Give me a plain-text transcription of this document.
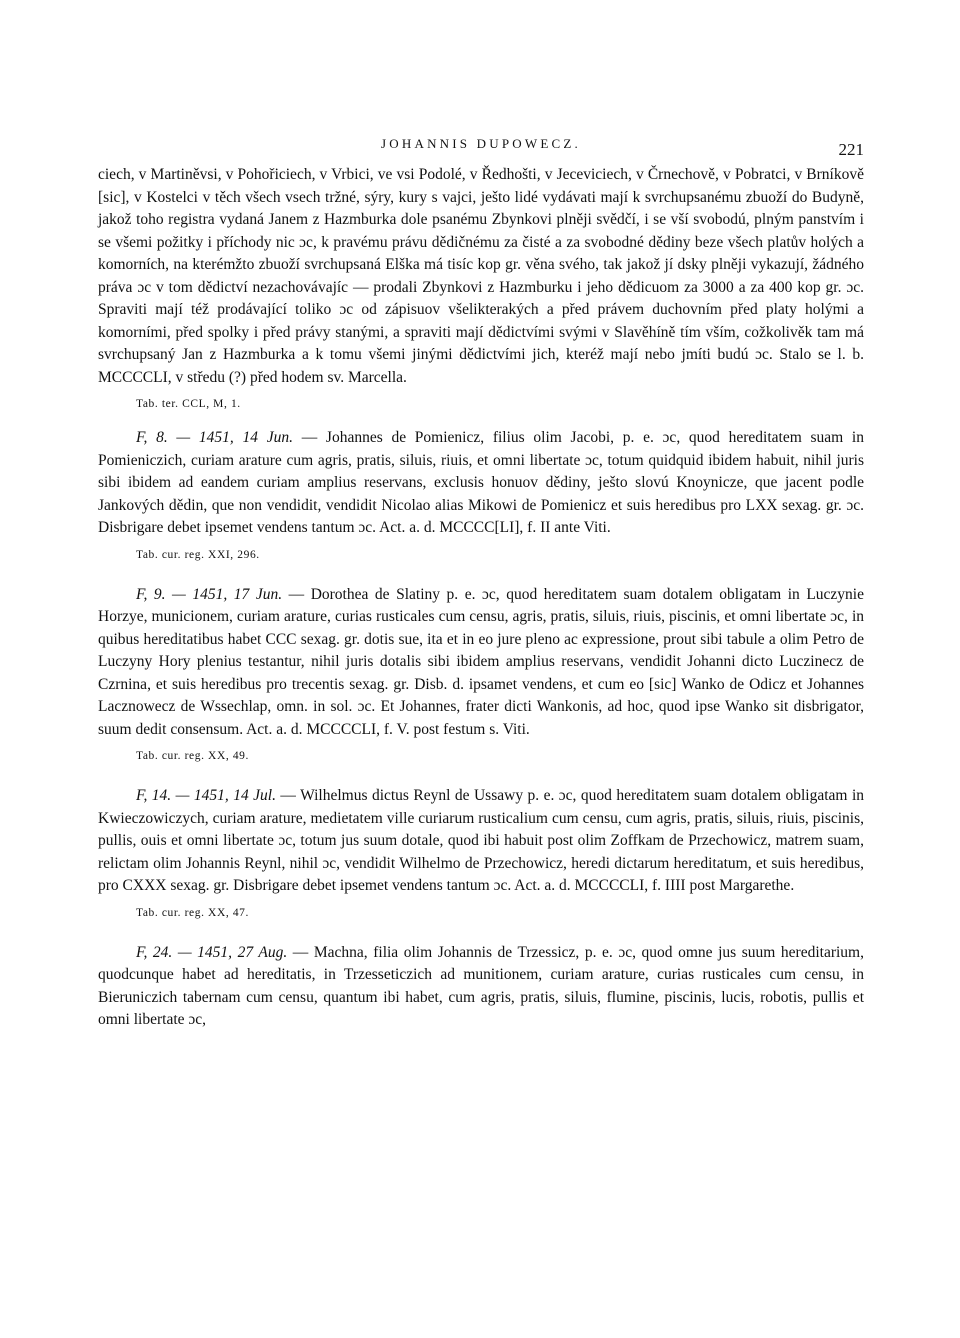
JOHANNIS DUPOWECZ.	221

ciech, v Martiněvsi, v Pohořiciech, v Vrbici, ve vsi Podolé, v Ředhošti, v Jeceviciech, v Črnechově, v Pobratci, v Brníkově [sic], v Kostelci v těch všech vsech tržné, sýry, kury s vajci, ješto lidé vydávati mají k svrchupsanému zbuoží do Budyně, jakož toho registra vydaná Janem z Hazmburka dole psanému Zbynkovi plněji svědčí, i se vší svobodú, plným panstvím i se všemi požitky i příchody nic ɔc, k pravému právu dědičnému za čisté a za svobodné dědiny beze všech platův holých a komorních, na kterémžto zbuoží svrchupsaná Elška má tisíc kop gr. věna svého, tak jakož jí dsky plněji vykazují, žádného práva ɔc v tom dědictví nezachovávajíc — prodali Zbynkovi z Hazmburku i jeho dědicuom za 3000 a za 400 kop gr. ɔc. Spraviti mají též prodávající toliko ɔc od zápisuov všelikterakých a před právem duchovním před platy holými a komorními, před spolky i před právy stanými, a spraviti mají dědictvími svými v Slavěhíně tím vším, cožkolivěk tam má svrchupsaný Jan z Hazmburka a k tomu všemi jinými dědictvími jich, kteréž mají nebo jmíti budú ɔc. Stalo se l. b. MCCCCLI, v středu (?) před hodem sv. Marcella.

Tab. ter. CCL, M, 1.

F, 8. — 1451, 14 Jun. — Johannes de Pomienicz, filius olim Jacobi, p. e. ɔc, quod hereditatem suam in Pomieniczich, curiam arature cum agris, pratis, siluis, riuis, et omni libertate ɔc, totum quidquid ibidem habuit, nihil juris sibi ibidem ad eandem curiam amplius reservans, exclusis honuov dědiny, ješto slovú Knoynicze, que jacent podle Jankových dědin, que non vendidit, vendidit Nicolao alias Mikowi de Pomienicz et suis heredibus pro LXX sexag. gr. ɔc. Disbrigare debet ipsemet vendens tantum ɔc. Act. a. d. MCCCC[LI], f. II ante Viti.

Tab. cur. reg. XXI, 296.

F, 9. — 1451, 17 Jun. — Dorothea de Slatiny p. e. ɔc, quod hereditatem suam dotalem obligatam in Luczynie Horzye, municionem, curiam arature, curias rusticales cum censu, agris, pratis, siluis, riuis, piscinis, et omni libertate ɔc, in quibus hereditatibus habet CCC sexag. gr. dotis sue, ita et in eo jure pleno ac expressione, prout sibi tabule a olim Petro de Luczyny Hory plenius testantur, nihil juris dotalis sibi ibidem amplius reservans, vendidit Johanni dicto Luczinecz de Czrnina, et suis heredibus pro trecentis sexag. gr. Disb. d. ipsamet vendens, et cum eo [sic] Wanko de Odicz et Johannes Lacznowecz de Wssechlap, omn. in sol. ɔc. Et Johannes, frater dicti Wankonis, ad hoc, quod ipse Wanko sit disbrigator, suum dedit consensum. Act. a. d. MCCCCLI, f. V. post festum s. Viti.

Tab. cur. reg. XX, 49.

F, 14. — 1451, 14 Jul. — Wilhelmus dictus Reynl de Ussawy p. e. ɔc, quod hereditatem suam dotalem obligatam in Kwieczowiczych, curiam arature, medietatem ville curiarum rusticalium cum censu, cum agris, pratis, siluis, riuis, piscinis, pullis, ouis et omni libertate ɔc, totum jus suum dotale, quod ibi habuit post olim Zoffkam de Przechowicz, matrem suam, relictam olim Johannis Reynl, nihil ɔc, vendidit Wilhelmo de Przechowicz, heredi dictarum hereditatum, et suis heredibus, pro CXXX sexag. gr. Disbrigare debet ipsemet vendens tantum ɔc. Act. a. d. MCCCCLI, f. IIII post Margarethe.

Tab. cur. reg. XX, 47.

F, 24. — 1451, 27 Aug. — Machna, filia olim Johannis de Trzessicz, p. e. ɔc, quod omne jus suum hereditarium, quodcunque habet ad hereditatis, in Trzesseticzich ad munitionem, curiam arature, curias rusticales cum censu, in Bieruniczich tabernam cum censu, quantum ibi habet, cum agris, pratis, siluis, flumine, piscinis, lucis, robotis, pullis et omni libertate ɔc,
